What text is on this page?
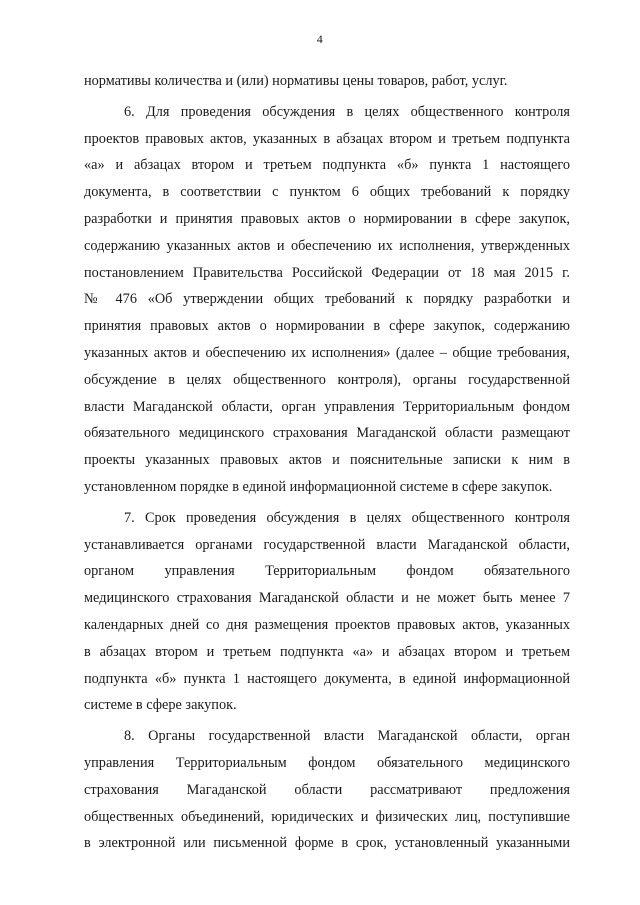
4
нормативы количества и (или) нормативы цены товаров, работ, услуг.
6. Для проведения обсуждения в целях общественного контроля
проектов правовых актов, указанных в абзацах втором и третьем подпункта
«а» и абзацах втором и третьем подпункта «б» пункта 1 настоящего
документа, в соответствии с пунктом 6 общих требований к порядку
разработки и принятия правовых актов о нормировании в сфере закупок,
содержанию указанных актов и обеспечению их исполнения, утвержденных
постановлением Правительства Российской Федерации от 18 мая 2015 г.
№ 476 «Об утверждении общих требований к порядку разработки и
принятия правовых актов о нормировании в сфере закупок, содержанию
указанных актов и обеспечению их исполнения» (далее – общие требования,
обсуждение в целях общественного контроля), органы государственной
власти Магаданской области, орган управления Территориальным фондом
обязательного медицинского страхования Магаданской области размещают
проекты указанных правовых актов и пояснительные записки к ним в
установленном порядке в единой информационной системе в сфере закупок.
7. Срок проведения обсуждения в целях общественного контроля
устанавливается органами государственной власти Магаданской области,
органом управления Территориальным фондом обязательного
медицинского страхования Магаданской области и не может быть менее 7
календарных дней со дня размещения проектов правовых актов, указанных
в абзацах втором и третьем подпункта «а» и абзацах втором и третьем
подпункта «б» пункта 1 настоящего документа, в единой информационной
системе в сфере закупок.
8. Органы государственной власти Магаданской области, орган
управления Территориальным фондом обязательного медицинского
страхования Магаданской области рассматривают предложения
общественных объединений, юридических и физических лиц, поступившие
в электронной или письменной форме в срок, установленный указанными
